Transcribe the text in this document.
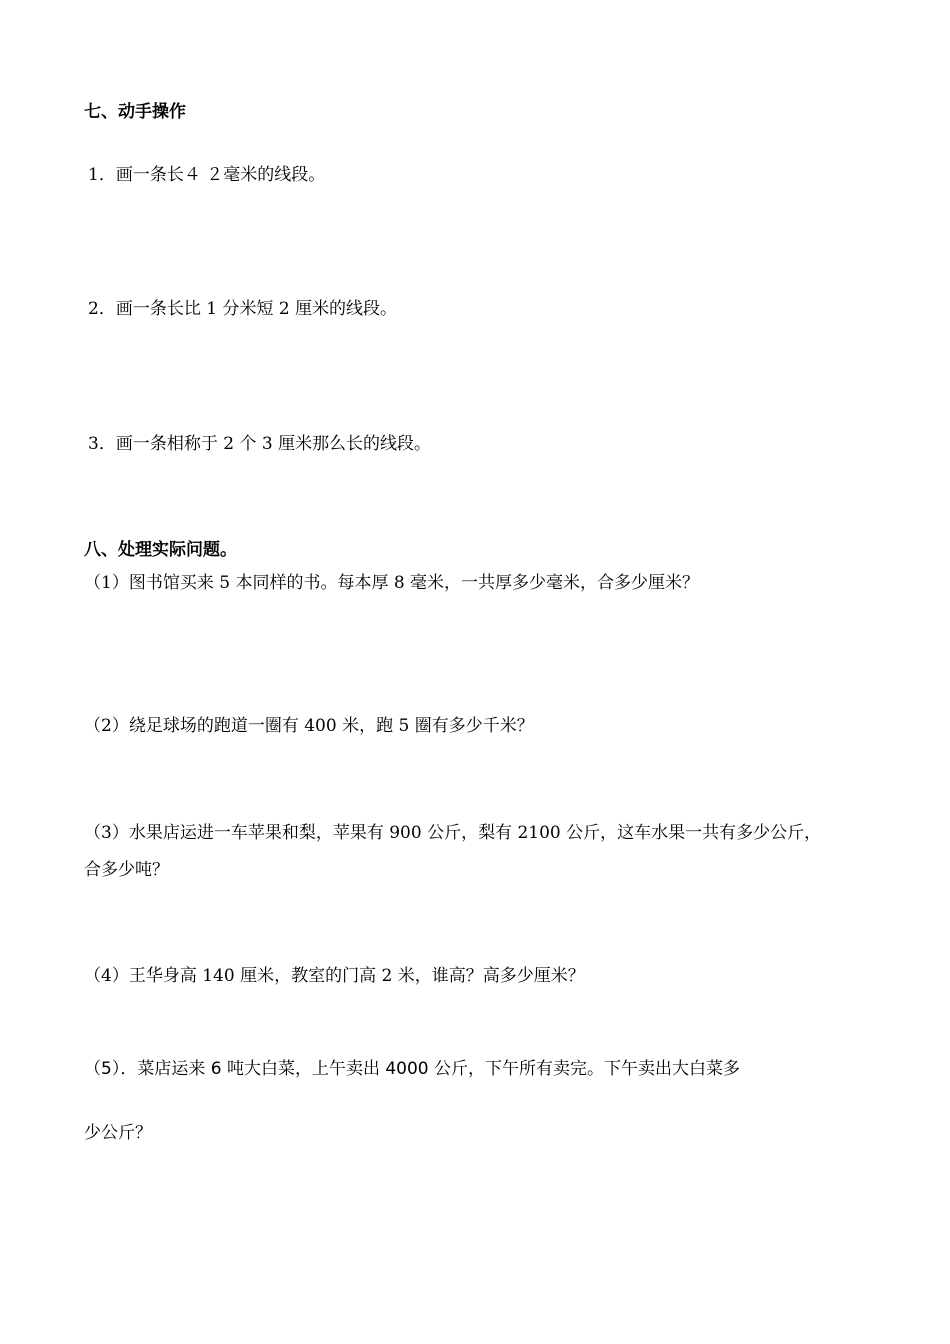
七、动手操作
1．画一条长４ ２毫米的线段。
2．画一条长比 1 分米短 2 厘米的线段。
3．画一条相称于 2 个 3 厘米那么长的线段。
八、处理实际问题。
（1）图书馆买来 5 本同样的书。每本厚 8 毫米，一共厚多少毫米，合多少厘米？
（2）绕足球场的跑道一圈有 400 米，跑 5 圈有多少千米？
（3）水果店运进一车苹果和梨，苹果有 900 公斤，梨有 2100 公斤，这车水果一共有多少公斤，
合多少吨？
（4）王华身高 140 厘米，教室的门高 2 米，谁高？高多少厘米？
（5）．菜店运来 6 吨大白菜，上午卖出 4000 公斤，下午所有卖完。下午卖出大白菜多
少公斤？
